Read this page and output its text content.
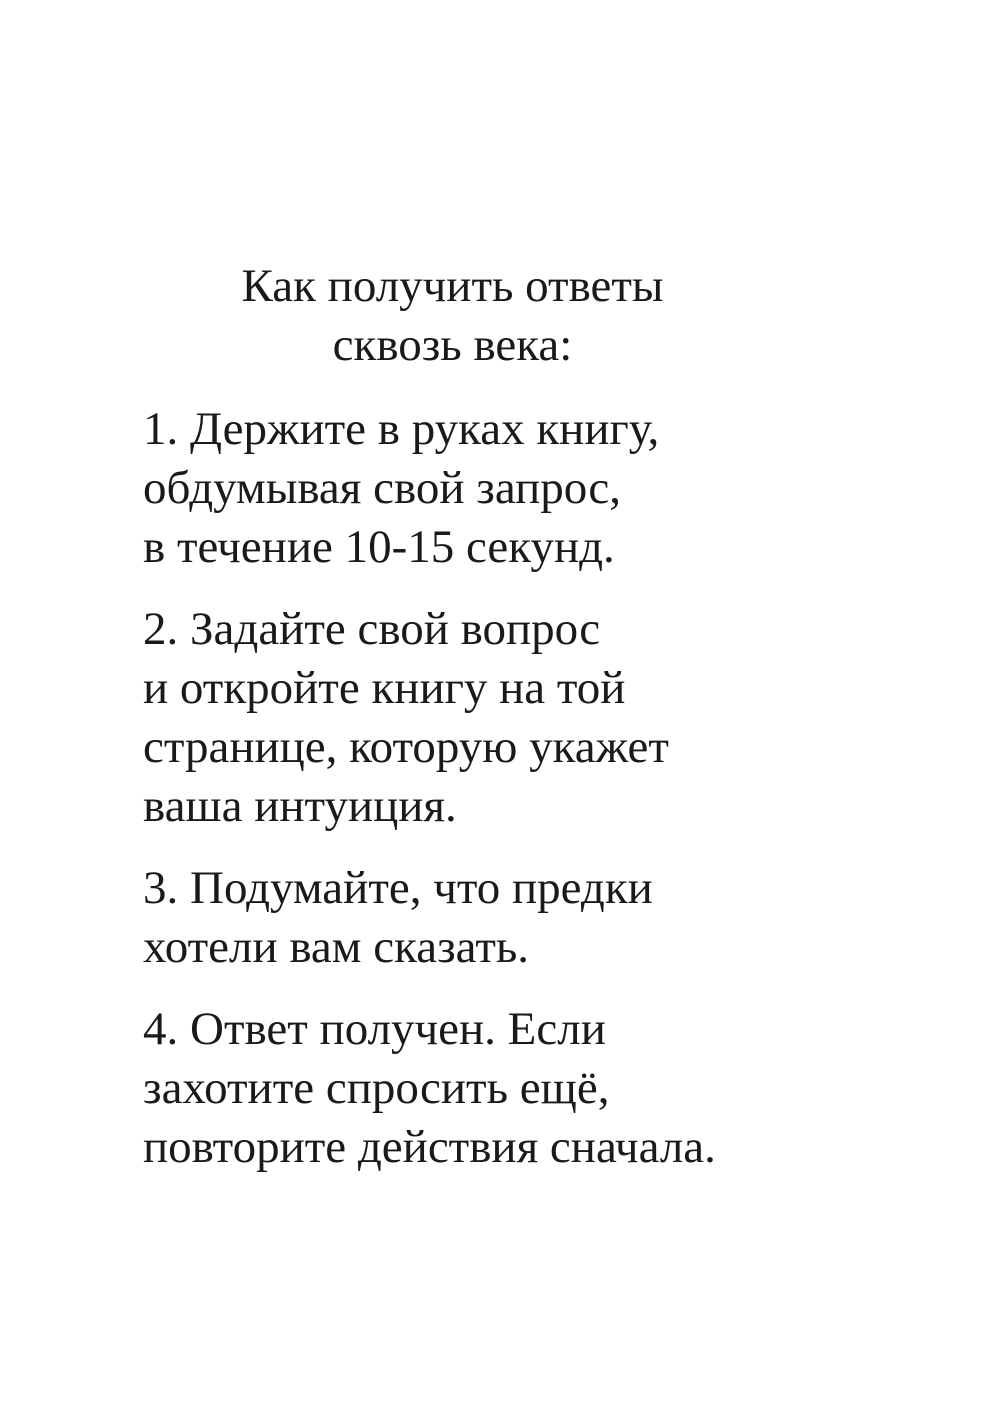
Как получить ответы
сквозь века:
1. Держите в руках книгу,
обдумывая свой запрос,
в течение 10-15 секунд.
2. Задайте свой вопрос
и откройте книгу на той
странице, которую укажет
ваша интуиция.
3. Подумайте, что предки
хотели вам сказать.
4. Ответ получен. Если
захотите спросить ещё,
повторите действия сначала.
